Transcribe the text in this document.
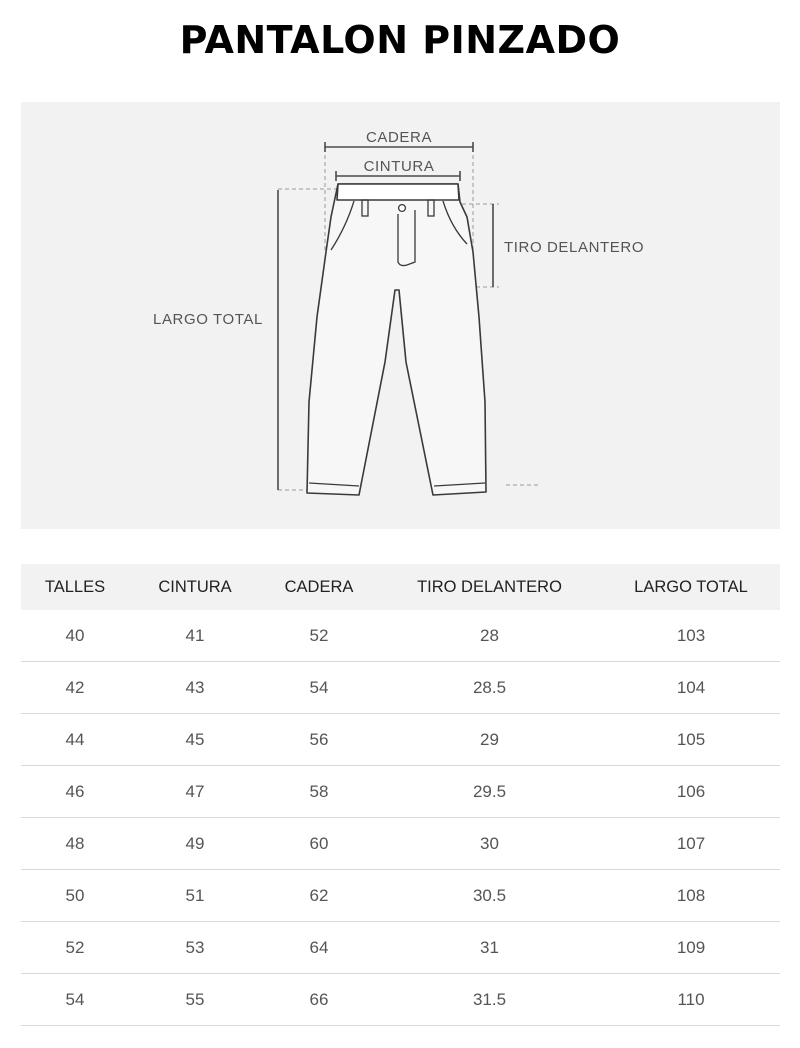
PANTALON PINZADO
CADERA
CINTURA
TIRO DELANTERO
LARGO TOTAL
TALLES	CINTURA	CADERA	TIRO DELANTERO	LARGO TOTAL
40	41	52	28	103
42	43	54	28.5	104
44	45	56	29	105
46	47	58	29.5	106
48	49	60	30	107
50	51	62	30.5	108
52	53	64	31	109
54	55	66	31.5	110
